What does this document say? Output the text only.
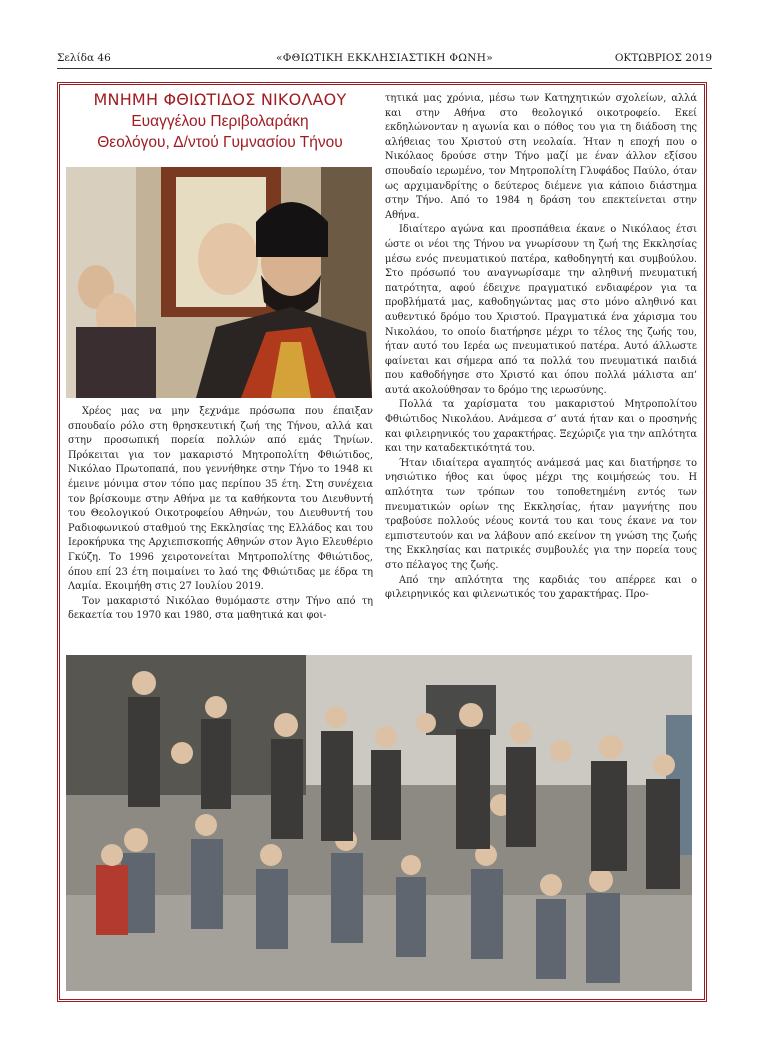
Σελίδα 46	«ΦΘΙΩΤΙΚΗ ΕΚΚΛΗΣΙΑΣΤΙΚΗ ΦΩΝΗ»	ΟΚΤΩΒΡΙΟΣ 2019
ΜΝΗΜΗ ΦΘΙΩΤΙΔΟΣ ΝΙΚΟΛΑΟΥ
Ευαγγέλου Περιβολαράκη
Θεολόγου, Δ/ντού Γυμνασίου Τήνου

Χρέος μας να μην ξεχνάμε πρόσωπα που έπαιξαν σπουδαίο ρόλο στη θρησκευτική ζωή της Τήνου, αλλά και στην προσωπική πορεία πολλών από εμάς Τηνίων. Πρόκειται για τον μακαριστό Μητροπολίτη Φθιώτιδος, Νικόλαο Πρωτοπαπά, που γεννήθηκε στην Τήνο το 1948 κι έμεινε μόνιμα στον τόπο μας περίπου 35 έτη. Στη συνέχεια τον βρίσκουμε στην Αθήνα με τα καθήκοντα του Διευθυντή του Θεολογικού Οικοτροφείου Αθηνών, του Διευθυντή του Ραδιοφωνικού σταθμού της Εκκλησίας της Ελλάδος και του Ιεροκήρυκα της Αρχιεπισκοπής Αθηνών στον Άγιο Ελευθέριο Γκύζη. Το 1996 χειροτονείται Μητροπολίτης Φθιώτιδος, όπου επί 23 έτη ποιμαίνει το λαό της Φθιώτιδας με έδρα τη Λαμία. Εκοιμήθη στις 27 Ιουλίου 2019.

Τον μακαριστό Νικόλαο θυμόμαστε στην Τήνο από τη δεκαετία του 1970 και 1980, στα μαθητικά και φοι-

τητικά μας χρόνια, μέσω των Κατηχητικών σχολείων, αλλά και στην Αθήνα στο θεολογικό οικοτροφείο. Εκεί εκδηλώνονταν η αγωνία και ο πόθος του για τη διάδοση της αλήθειας του Χριστού στη νεολαία. Ήταν η εποχή που ο Νικόλαος δρούσε στην Τήνο μαζί με έναν άλλον εξίσου σπουδαίο ιερωμένο, τον Μητροπολίτη Γλυφάδος Παύλο, όταν ως αρχιμανδρίτης ο δεύτερος διέμενε για κάποιο διάστημα στην Τήνο. Από το 1984 η δράση του επεκτείνεται στην Αθήνα.

Ιδιαίτερο αγώνα και προσπάθεια έκανε ο Νικόλαος έτσι ώστε οι νέοι της Τήνου να γνωρίσουν τη ζωή της Εκκλησίας μέσω ενός πνευματικού πατέρα, καθοδηγητή και συμβούλου. Στο πρόσωπό του αναγνωρίσαμε την αληθινή πνευματική πατρότητα, αφού έδειχνε πραγματικό ενδιαφέρον για τα προβλήματά μας, καθοδηγώντας μας στο μόνο αληθινό και αυθεντικό δρόμο του Χριστού. Πραγματικά ένα χάρισμα του Νικολάου, το οποίο διατήρησε μέχρι το τέλος της ζωής του, ήταν αυτό του Ιερέα ως πνευματικού πατέρα. Αυτό άλλωστε φαίνεται και σήμερα από τα πολλά του πνευματικά παιδιά που καθοδήγησε στο Χριστό και όπου πολλά μάλιστα απ’ αυτά ακολούθησαν το δρόμο της ιερωσύνης.

Πολλά τα χαρίσματα του μακαριστού Μητροπολίτου Φθιώτιδος Νικολάου. Ανάμεσα σ’ αυτά ήταν και ο προσηνής και φιλειρηνικός του χαρακτήρας. Ξεχώριζε για την απλότητα και την καταδεκτικότητά του.

Ήταν ιδιαίτερα αγαπητός ανάμεσά μας και διατήρησε το νησιώτικο ήθος και ύφος μέχρι της κοιμήσεώς του. Η απλότητα των τρόπων του τοποθετημένη εντός των πνευματικών ορίων της Εκκλησίας, ήταν μαγνήτης που τραβούσε πολλούς νέους κοντά του και τους έκανε να τον εμπιστευτούν και να λάβουν από εκείνον τη γνώση της ζωής της Εκκλησίας και πατρικές συμβουλές για την πορεία τους στο πέλαγος της ζωής.

Από την απλότητα της καρδιάς του απέρρεε και ο φιλειρηνικός και φιλενωτικός του χαρακτήρας. Προ-
